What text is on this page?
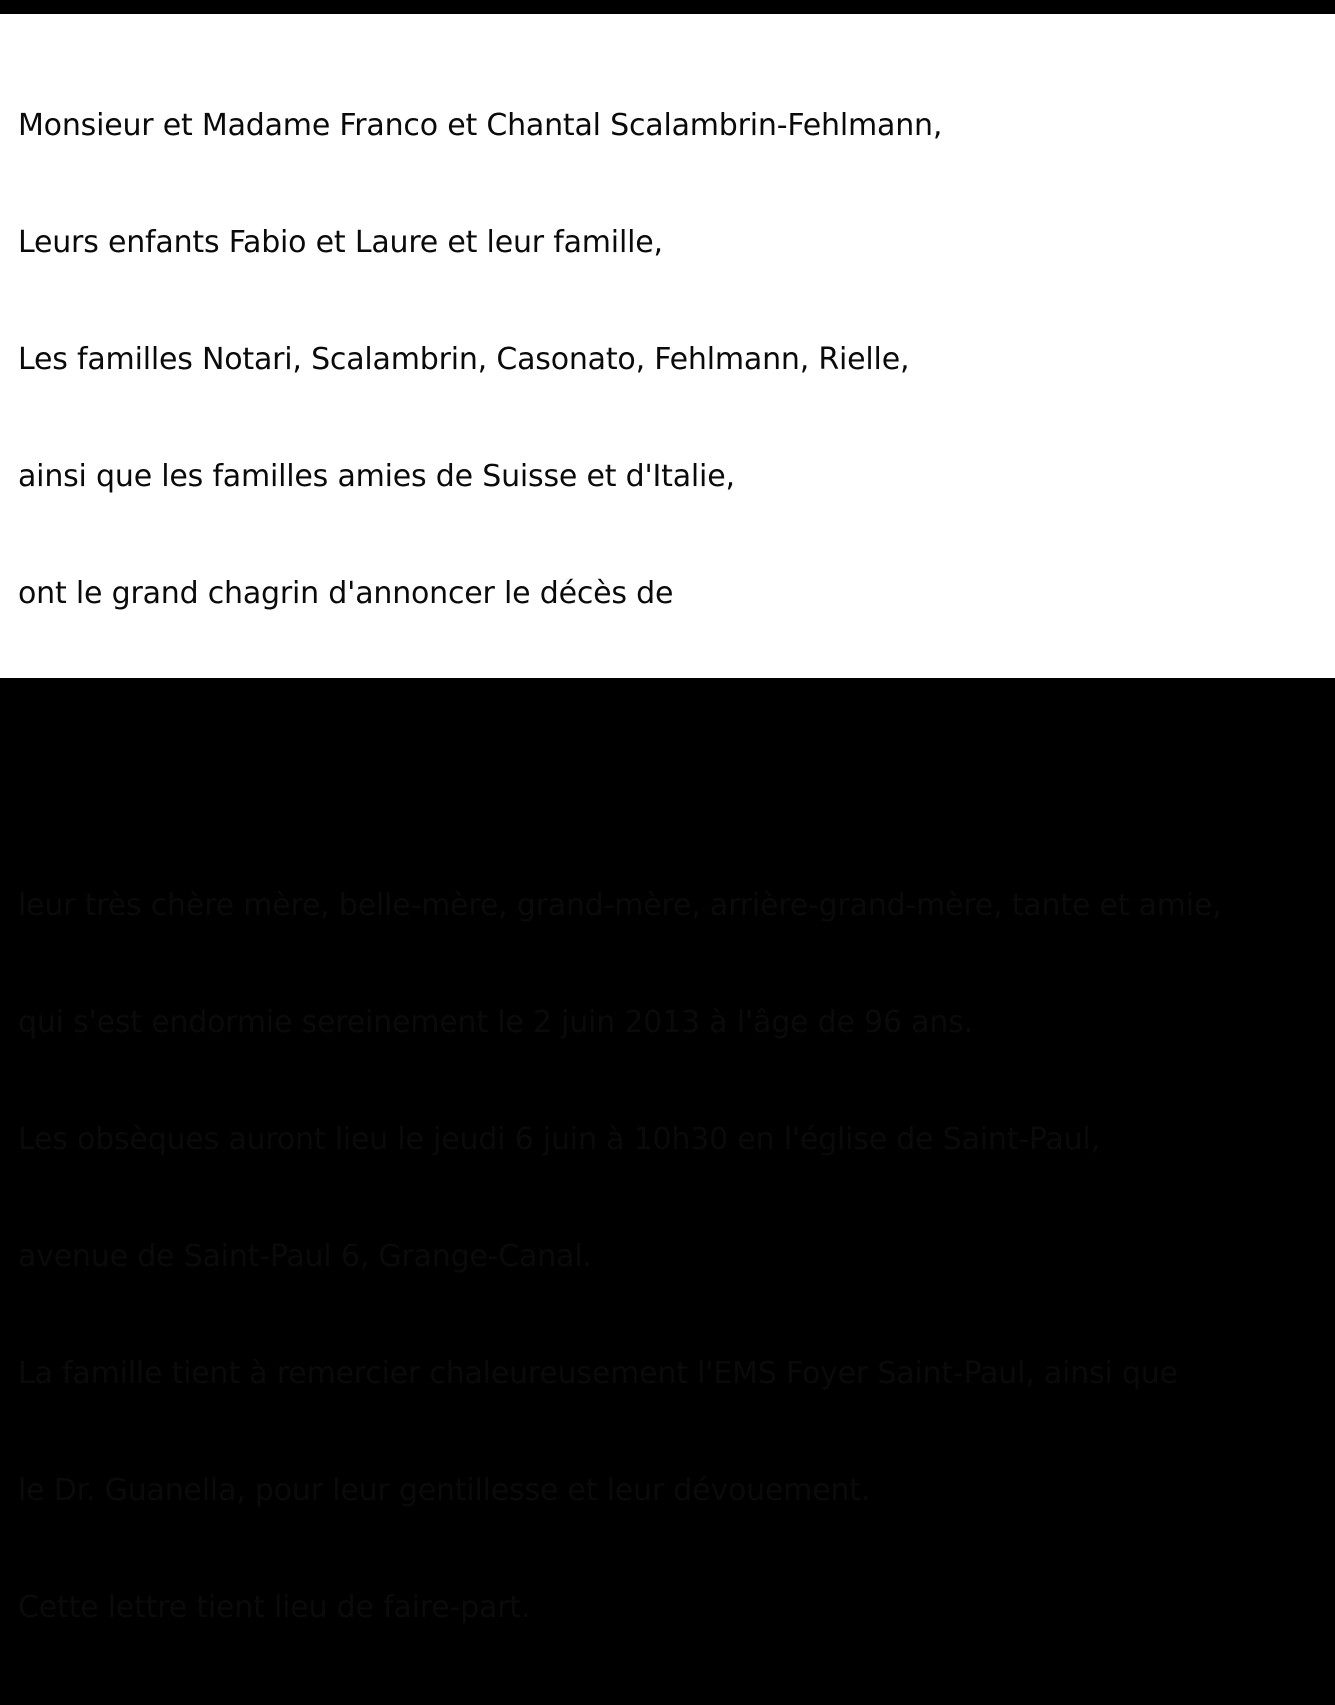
Monsieur et Madame Franco et Chantal Scalambrin-Fehlmann,

Leurs enfants Fabio et Laure et leur famille,

Les familles Notari, Scalambrin, Casonato, Fehlmann, Rielle,

ainsi que les familles amies de Suisse et d'Italie,

ont le grand chagrin d'annoncer le décès de

Maria Agostina SCALAMBRIN-CREUX

leur très chère mère, belle-mère, grand-mère, arrière-grand-mère, tante et amie,

qui s'est endormie sereinement le 2 juin 2013 à l'âge de 96 ans.

Les obsèques auront lieu le jeudi 6 juin à 10h30 en l'église de Saint-Paul,

avenue de Saint-Paul 6, Grange-Canal.

La famille tient à remercier chaleureusement l'EMS Foyer Saint-Paul, ainsi que

le Dr. Guanella, pour leur gentillesse et leur dévouement.

Cette lettre tient lieu de faire-part.
